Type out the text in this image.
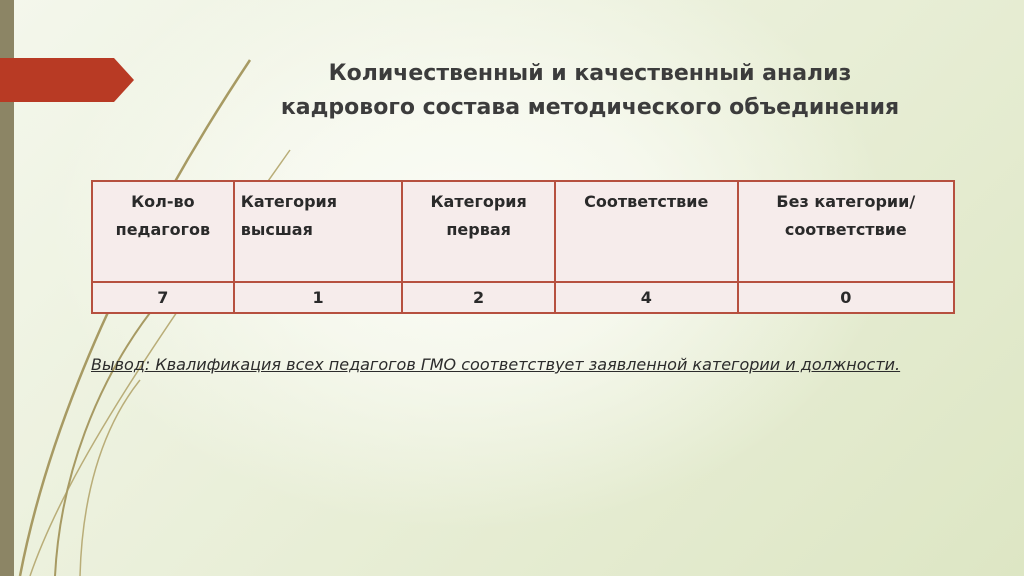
Количественный и качественный анализ
кадрового состава методического объединения
Кол-во педагогов	Категория высшая	Категория первая	Соответствие	Без категории/ соответствие
7	1	2	4	0
Вывод: Квалификация всех педагогов ГМО соответствует заявленной категории и должности.
